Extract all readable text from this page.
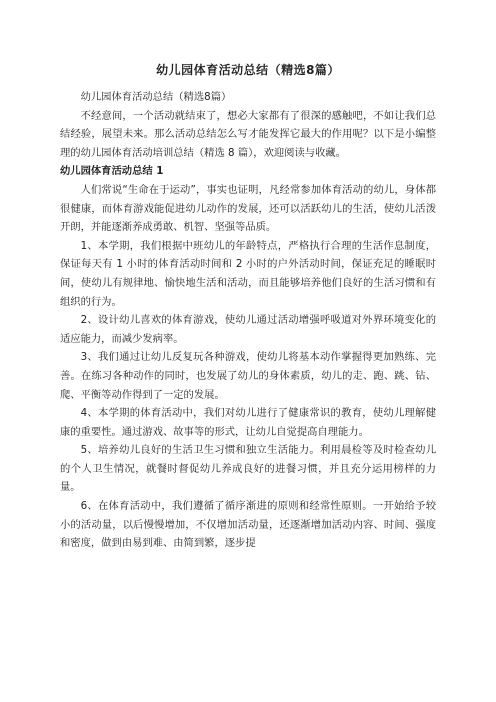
幼儿园体育活动总结（精选8篇）

幼儿园体育活动总结（精选8篇）

不经意间，一个活动就结束了，想必大家都有了很深的感触吧，不如让我们总结经验，展望未来。那么活动总结怎么写才能发挥它最大的作用呢？以下是小编整理的幼儿园体育活动培训总结（精选 8 篇），欢迎阅读与收藏。

幼儿园体育活动总结 1

人们常说“生命在于运动”，事实也证明，凡经常参加体育活动的幼儿，身体都很健康，而体育游戏能促进幼儿动作的发展，还可以活跃幼儿的生活，使幼儿活泼开朗，并能逐渐养成勇敢、机智、坚强等品质。

1、本学期，我们根据中班幼儿的年龄特点，严格执行合理的生活作息制度，保证每天有 1 小时的体育活动时间和 2 小时的户外活动时间，保证充足的睡眠时间，使幼儿有规律地、愉快地生活和活动，而且能够培养他们良好的生活习惯和有组织的行为。

2、设计幼儿喜欢的体育游戏，使幼儿通过活动增强呼吸道对外界环境变化的适应能力，而减少发病率。

3、我们通过让幼儿反复玩各种游戏，使幼儿将基本动作掌握得更加熟练、完善。在练习各种动作的同时，也发展了幼儿的身体素质，幼儿的走、跑、跳、钻、爬、平衡等动作得到了一定的发展。

4、本学期的体育活动中，我们对幼儿进行了健康常识的教育，使幼儿理解健康的重要性。通过游戏、故事等的形式，让幼儿自觉提高自理能力。

5、培养幼儿良好的生活卫生习惯和独立生活能力。利用晨检等及时检查幼儿的个人卫生情况，就餐时督促幼儿养成良好的进餐习惯，并且充分运用榜样的力量。

6、在体育活动中，我们遵循了循序渐进的原则和经常性原则。一开始给予较小的活动量，以后慢慢增加，不仅增加活动量，还逐渐增加活动内容、时间、强度和密度，做到由易到难、由简到繁，逐步提
